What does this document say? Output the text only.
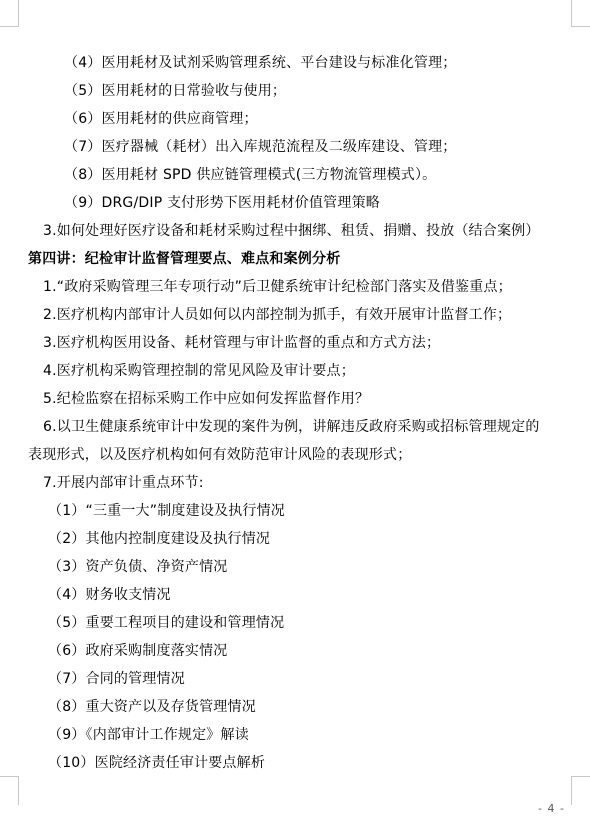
（4）医用耗材及试剂采购管理系统、平台建设与标准化管理；
（5）医用耗材的日常验收与使用；
（6）医用耗材的供应商管理；
（7）医疗器械（耗材）出入库规范流程及二级库建设、管理；
（8）医用耗材 SPD 供应链管理模式(三方物流管理模式）。
（9）DRG/DIP 支付形势下医用耗材价值管理策略
3.如何处理好医疗设备和耗材采购过程中捆绑、租赁、捐赠、投放（结合案例）
第四讲：纪检审计监督管理要点、难点和案例分析
1.“政府采购管理三年专项行动”后卫健系统审计纪检部门落实及借鉴重点；
2.医疗机构内部审计人员如何以内部控制为抓手，有效开展审计监督工作；
3.医疗机构医用设备、耗材管理与审计监督的重点和方式方法；
4.医疗机构采购管理控制的常见风险及审计要点；
5.纪检监察在招标采购工作中应如何发挥监督作用？
6.以卫生健康系统审计中发现的案件为例，讲解违反政府采购或招标管理规定的
表现形式，以及医疗机构如何有效防范审计风险的表现形式；
7.开展内部审计重点环节:
（1）“三重一大”制度建设及执行情况
（2）其他内控制度建设及执行情况
（3）资产负债、净资产情况
（4）财务收支情况
（5）重要工程项目的建设和管理情况
（6）政府采购制度落实情况
（7）合同的管理情况
（8）重大资产以及存货管理情况
（9）《内部审计工作规定》解读
（10）医院经济责任审计要点解析
- 4 -
